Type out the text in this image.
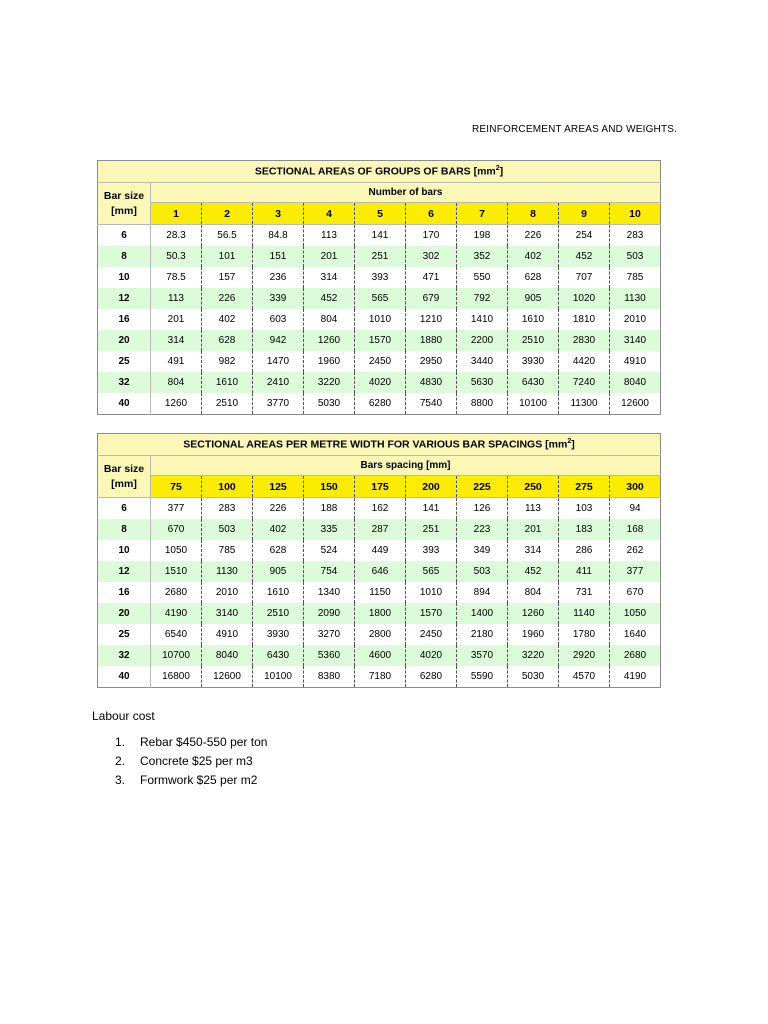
REINFORCEMENT AREAS AND WEIGHTS.
SECTIONAL AREAS OF GROUPS OF BARS $[mm^2]$										
Bar size
[mm]	Number of bars									
	1	2	3	4	5	6	7	8	9	10
6	28.3	56.5	84.8	113	141	170	198	226	254	283
8	50.3	101	151	201	251	302	352	402	452	503
10	78.5	157	236	314	393	471	550	628	707	785
12	113	226	339	452	565	679	792	905	1020	1130
16	201	402	603	804	1010	1210	1410	1610	1810	2010
20	314	628	942	1260	1570	1880	2200	2510	2830	3140
25	491	982	1470	1960	2450	2950	3440	3930	4420	4910
32	804	1610	2410	3220	4020	4830	5630	6430	7240	8040
40	1260	2510	3770	5030	6280	7540	8800	10100	11300	12600
SECTIONAL AREAS PER METRE WIDTH FOR VARIOUS BAR SPACINGS $[mm^2]$										
Bar size
[mm]	Bars spacing [mm]									
	75	100	125	150	175	200	225	250	275	300
6	377	283	226	188	162	141	126	113	103	94
8	670	503	402	335	287	251	223	201	183	168
10	1050	785	628	524	449	393	349	314	286	262
12	1510	1130	905	754	646	565	503	452	411	377
16	2680	2010	1610	1340	1150	1010	894	804	731	670
20	4190	3140	2510	2090	1800	1570	1400	1260	1140	1050
25	6540	4910	3930	3270	2800	2450	2180	1960	1780	1640
32	10700	8040	6430	5360	4600	4020	3570	3220	2920	2680
40	16800	12600	10100	8380	7180	6280	5590	5030	4570	4190
Labour cost
1.	Rebar $450-550 per ton
2.	Concrete $25 per m3
3.	Formwork $25 per m2
